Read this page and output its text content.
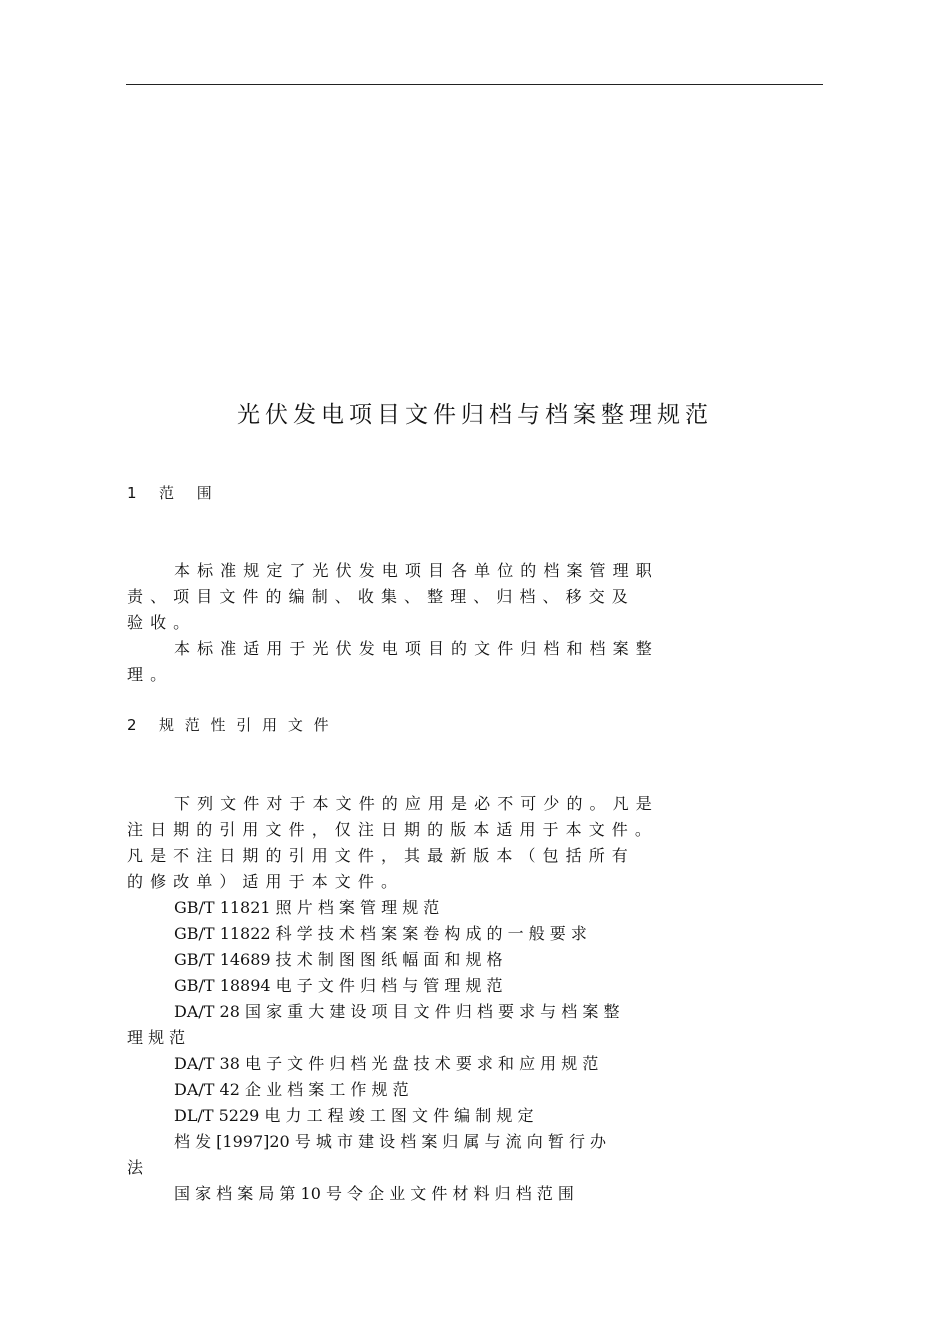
光伏发电项目文件归档与档案整理规范
1 范 围
本 标 准 规 定 了 光 伏 发 电 项 目 各 单 位 的 档 案 管 理 职
责 、 项 目 文 件 的 编 制 、 收 集 、 整 理 、 归 档 、 移 交 及
验 收 。
本 标 准 适 用 于 光 伏 发 电 项 目 的 文 件 归 档 和 档 案 整
理 。
2 规 范 性 引 用 文 件
下 列 文 件 对 于 本 文 件 的 应 用 是 必 不 可 少 的 。 凡 是
注 日 期 的 引 用 文 件 ， 仅 注 日 期 的 版 本 适 用 于 本 文 件 。
凡 是 不 注 日 期 的 引 用 文 件 ， 其 最 新 版 本 （ 包 括 所 有
的 修 改 单 ） 适 用 于 本 文 件 。
GB/T 11821 照 片 档 案 管 理 规 范
GB/T 11822 科 学 技 术 档 案 案 卷 构 成 的 一 般 要 求
GB/T 14689 技 术 制 图 图 纸 幅 面 和 规 格
GB/T 18894 电 子 文 件 归 档 与 管 理 规 范
DA/T 28 国 家 重 大 建 设 项 目 文 件 归 档 要 求 与 档 案 整
理 规 范
DA/T 38 电 子 文 件 归 档 光 盘 技 术 要 求 和 应 用 规 范
DA/T 42 企 业 档 案 工 作 规 范
DL/T 5229 电 力 工 程 竣 工 图 文 件 编 制 规 定
档 发 [1997]20 号 城 市 建 设 档 案 归 属 与 流 向 暂 行 办
法
国 家 档 案 局 第 10 号 令 企 业 文 件 材 料 归 档 范 围
